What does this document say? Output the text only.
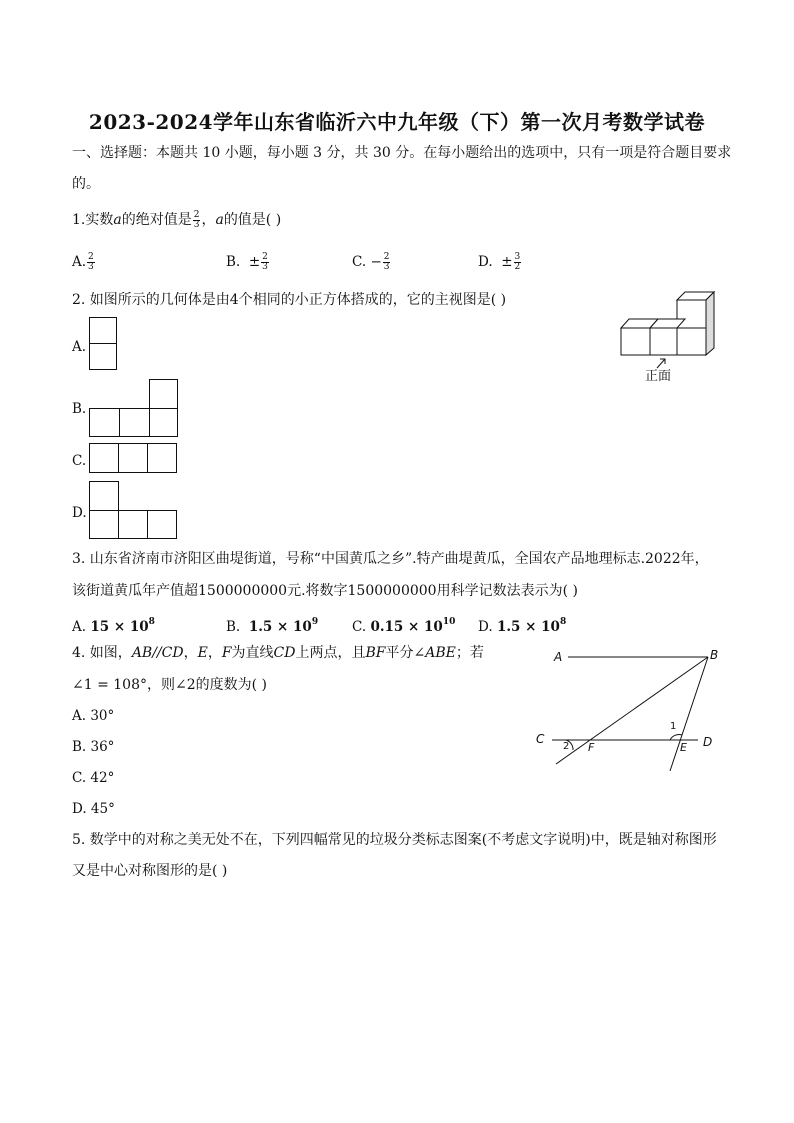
2023-2024学年山东省临沂六中九年级（下）第一次月考数学试卷
一、选择题：本题共 10 小题，每小题 3 分，共 30 分。在每小题给出的选项中，只有一项是符合题目要求
的。
1.实数a的绝对值是 $\frac{2}{3}$ ，a的值是( )
A. $\frac{2}{3}$	B. ± $\frac{2}{3}$	C. − $\frac{2}{3}$	D. ± $\frac{3}{2}$
2. 如图所示的几何体是由4个相同的小正方体搭成的，它的主视图是( )
正面
A.
B.
C.
D.
3. 山东省济南市济阳区曲堤街道，号称“中国黄瓜之乡”.特产曲堤黄瓜，全国农产品地理标志.2022年，
该街道黄瓜年产值超1500000000元.将数字1500000000用科学记数法表示为( )
A. $15 \times 10^8$	B. $1.5 \times 10^9$	C. $0.15 \times 10^{10}$ D. $1.5 \times 10^8$
4. 如图，AB//CD，E，F为直线CD上两点，且BF平分∠ABE；若
∠1 = 108°，则∠2的度数为( )
A. 30°
B. 36°
C. 42°
D. 45°
A	B
C	D
E
F
1
2
5. 数学中的对称之美无处不在，下列四幅常见的垃圾分类标志图案(不考虑文字说明)中，既是轴对称图形
又是中心对称图形的是( )
